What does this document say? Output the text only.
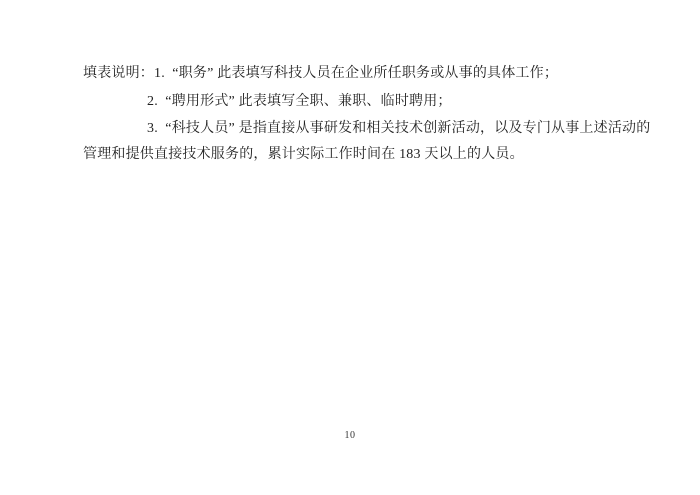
填表说明：1.  “职务” 此表填写科技人员在企业所任职务或从事的具体工作；
2.  “聘用形式” 此表填写全职、兼职、临时聘用；
3.  “科技人员” 是指直接从事研发和相关技术创新活动，以及专门从事上述活动的
管理和提供直接技术服务的，累计实际工作时间在 183 天以上的人员。
10
